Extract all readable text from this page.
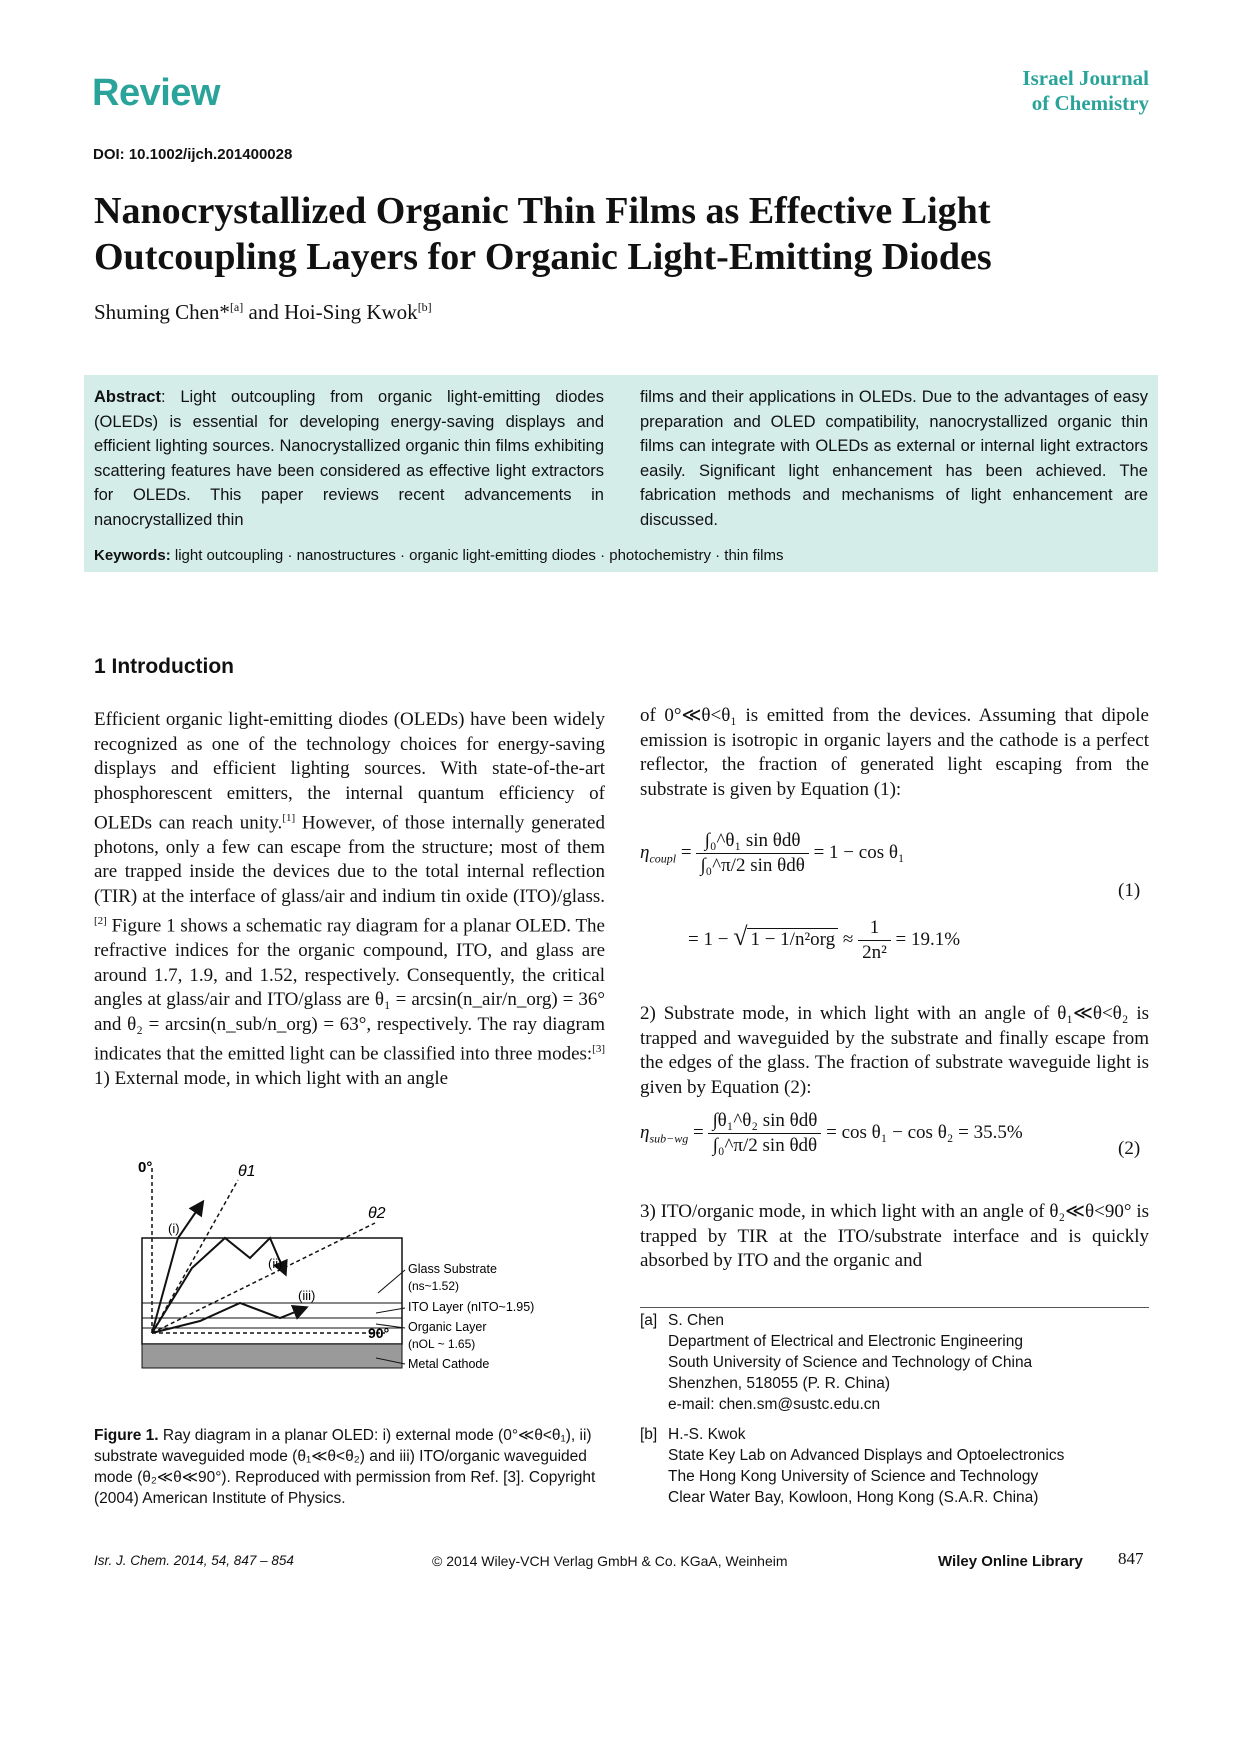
Review	Israel Journal
of Chemistry
DOI: 10.1002/ijch.201400028
Nanocrystallized Organic Thin Films as Effective Light
Outcoupling Layers for Organic Light-Emitting Diodes
Shuming Chen*[a] and Hoi-Sing Kwok[b]
Abstract: Light outcoupling from organic light-emitting diodes (OLEDs) is essential for developing energy-saving displays and efficient lighting sources. Nanocrystallized organic thin films exhibiting scattering features have been considered as effective light extractors for OLEDs. This paper reviews recent advancements in nanocrystallized thin
films and their applications in OLEDs. Due to the advantages of easy preparation and OLED compatibility, nanocrystallized organic thin films can integrate with OLEDs as external or internal light extractors easily. Significant light enhancement has been achieved. The fabrication methods and mechanisms of light enhancement are discussed.
Keywords: light outcoupling · nanostructures · organic light-emitting diodes · photochemistry · thin films
1 Introduction
Efficient organic light-emitting diodes (OLEDs) have been widely recognized as one of the technology choices for energy-saving displays and efficient lighting sources. With state-of-the-art phosphorescent emitters, the internal quantum efficiency of OLEDs can reach unity.[1] However, of those internally generated photons, only a few can escape from the structure; most of them are trapped inside the devices due to the total internal reflection (TIR) at the interface of glass/air and indium tin oxide (ITO)/glass.[2] Figure 1 shows a schematic ray diagram for a planar OLED. The refractive indices for the organic compound, ITO, and glass are around 1.7, 1.9, and 1.52, respectively. Consequently, the critical angles at glass/air and ITO/glass are θ₁ = arcsin(n_air/n_org) = 36° and θ₂ = arcsin(n_sub/n_org) = 63°, respectively. The ray diagram indicates that the emitted light can be classified into three modes:[3] 1) External mode, in which light with an angle
0°	θ1
θ2
(i)
(ii)
(iii)
90°
Glass Substrate
(ns~1.52)
ITO Layer (nITO~1.95)
Organic Layer
(nOL ~ 1.65)
Metal Cathode
Figure 1. Ray diagram in a planar OLED: i) external mode (0°≪θ<θ₁), ii) substrate waveguided mode (θ₁≪θ<θ₂) and iii) ITO/organic waveguided mode (θ₂≪θ≪90°). Reproduced with permission from Ref. [3]. Copyright (2004) American Institute of Physics.
of 0°≪θ<θ₁ is emitted from the devices. Assuming that dipole emission is isotropic in organic layers and the cathode is a perfect reflector, the fraction of generated light escaping from the substrate is given by Equation (1):
$\eta_{coupl} = \frac{\text{∫₀\textasciicircum{}θ₁ sin θdθ}}{\text{∫₀\textasciicircum{}π/2 sin θdθ}} = 1 - \cos \theta_1$
= 1 − √ $1 - 1/n^2org \approx \frac{1}{\text{2n²}} = 19.1\%$
(1)
2) Substrate mode, in which light with an angle of θ₁≪θ<θ₂ is trapped and waveguided by the substrate and finally escape from the edges of the glass. The fraction of substrate waveguide light is given by Equation (2):
$\eta_{sub-wg} = \frac{\text{∫θ₁\textasciicircum{}θ₂ sin θdθ}}{\text{∫₀\textasciicircum{}π/2 sin θdθ}} = \cos \theta_1 - \cos \theta_2 = 35.5\%$
(2)
3) ITO/organic mode, in which light with an angle of θ₂≪θ<90° is trapped by TIR at the ITO/substrate interface and is quickly absorbed by ITO and the organic and
[a] S. Chen
Department of Electrical and Electronic Engineering
South University of Science and Technology of China
Shenzhen, 518055 (P. R. China)
e-mail: chen.sm@sustc.edu.cn
[b] H.-S. Kwok
State Key Lab on Advanced Displays and Optoelectronics
The Hong Kong University of Science and Technology
Clear Water Bay, Kowloon, Hong Kong (S.A.R. China)
Isr. J. Chem. 2014, 54, 847 – 854	© 2014 Wiley-VCH Verlag GmbH & Co. KGaA, Weinheim	Wiley Online Library 847
